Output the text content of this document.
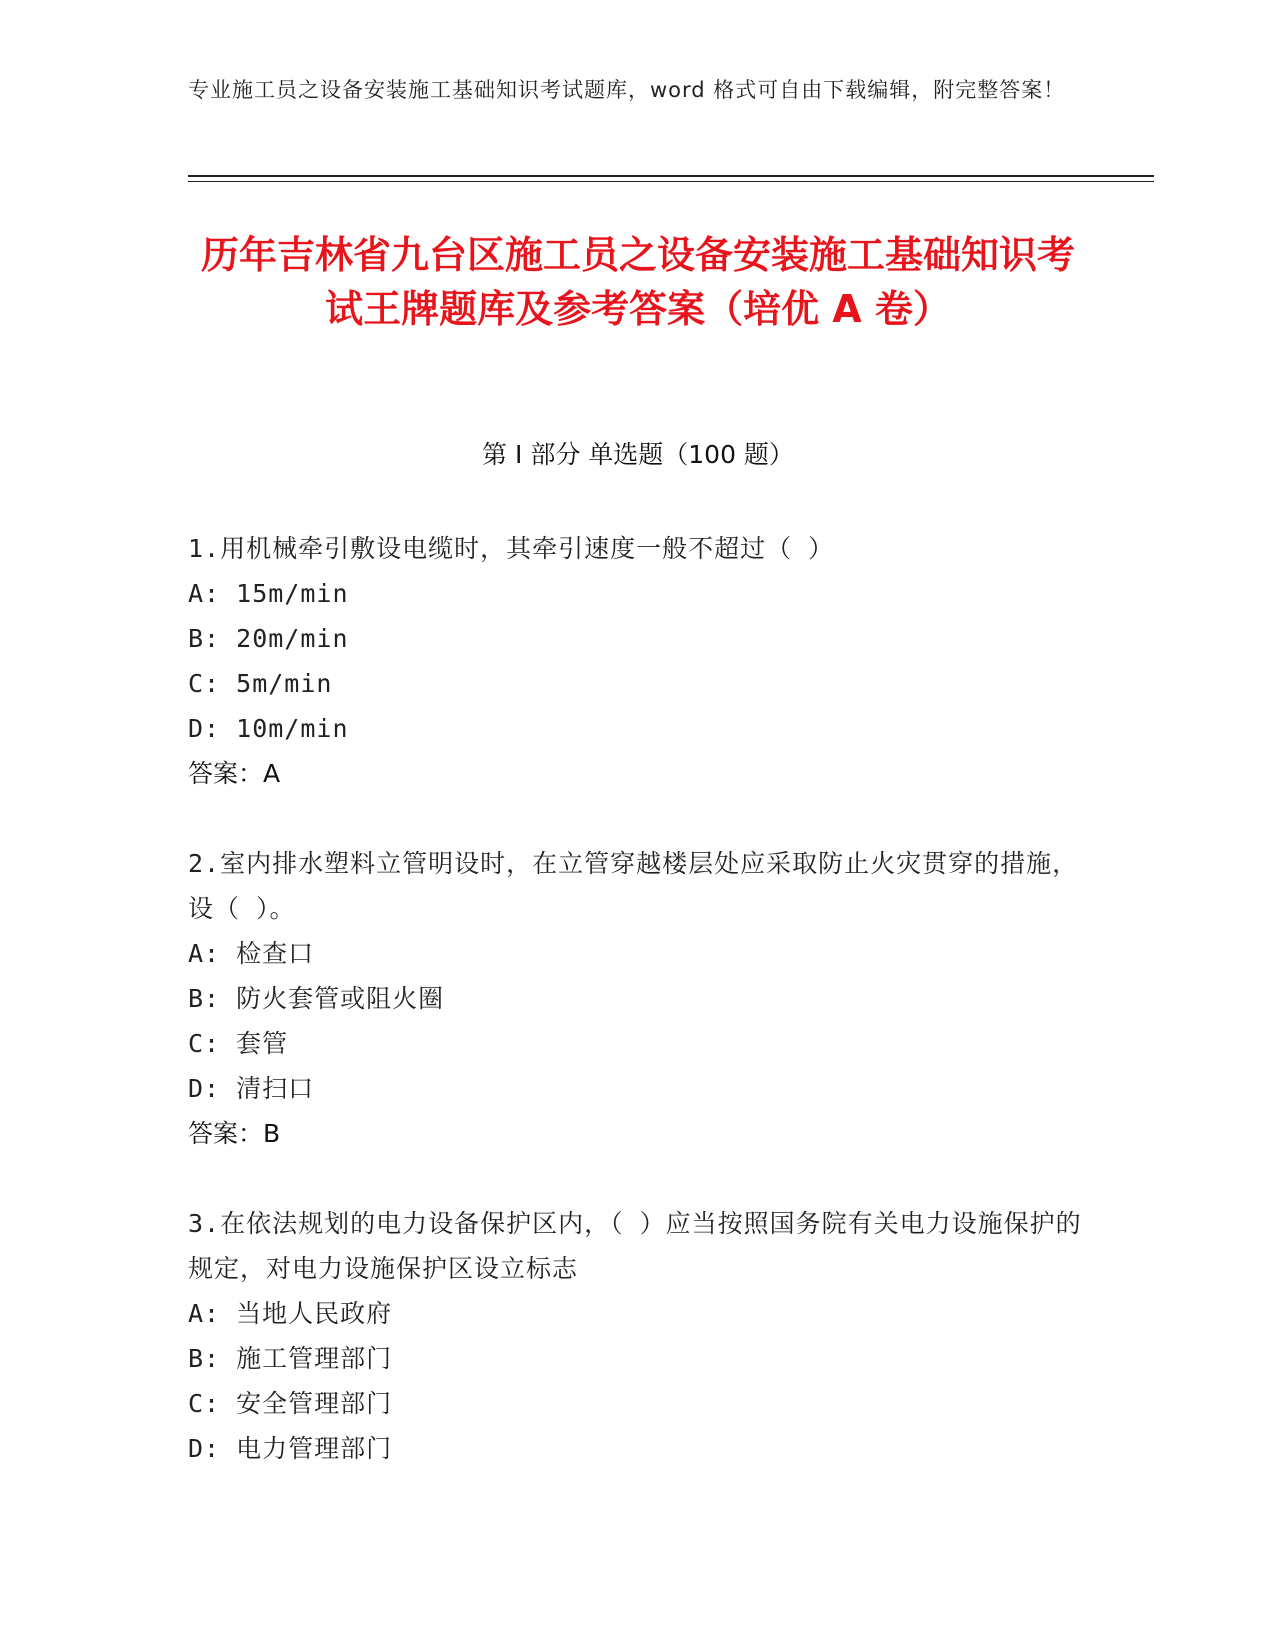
专业施工员之设备安装施工基础知识考试题库，word 格式可自由下载编辑，附完整答案！
历年吉林省九台区施工员之设备安装施工基础知识考试王牌题库及参考答案（培优 A 卷）
第 I 部分 单选题（100 题）

1.用机械牵引敷设电缆时，其牵引速度一般不超过（ ）

A: 15m/min

B: 20m/min

C: 5m/min

D: 10m/min

答案：A

2.室内排水塑料立管明设时，在立管穿越楼层处应采取防止火灾贯穿的措施，设（ ）。

A: 检查口

B: 防火套管或阻火圈

C: 套管

D: 清扫口

答案：B

3.在依法规划的电力设备保护区内，（ ）应当按照国务院有关电力设施保护的规定，对电力设施保护区设立标志

A: 当地人民政府

B: 施工管理部门

C: 安全管理部门

D: 电力管理部门
